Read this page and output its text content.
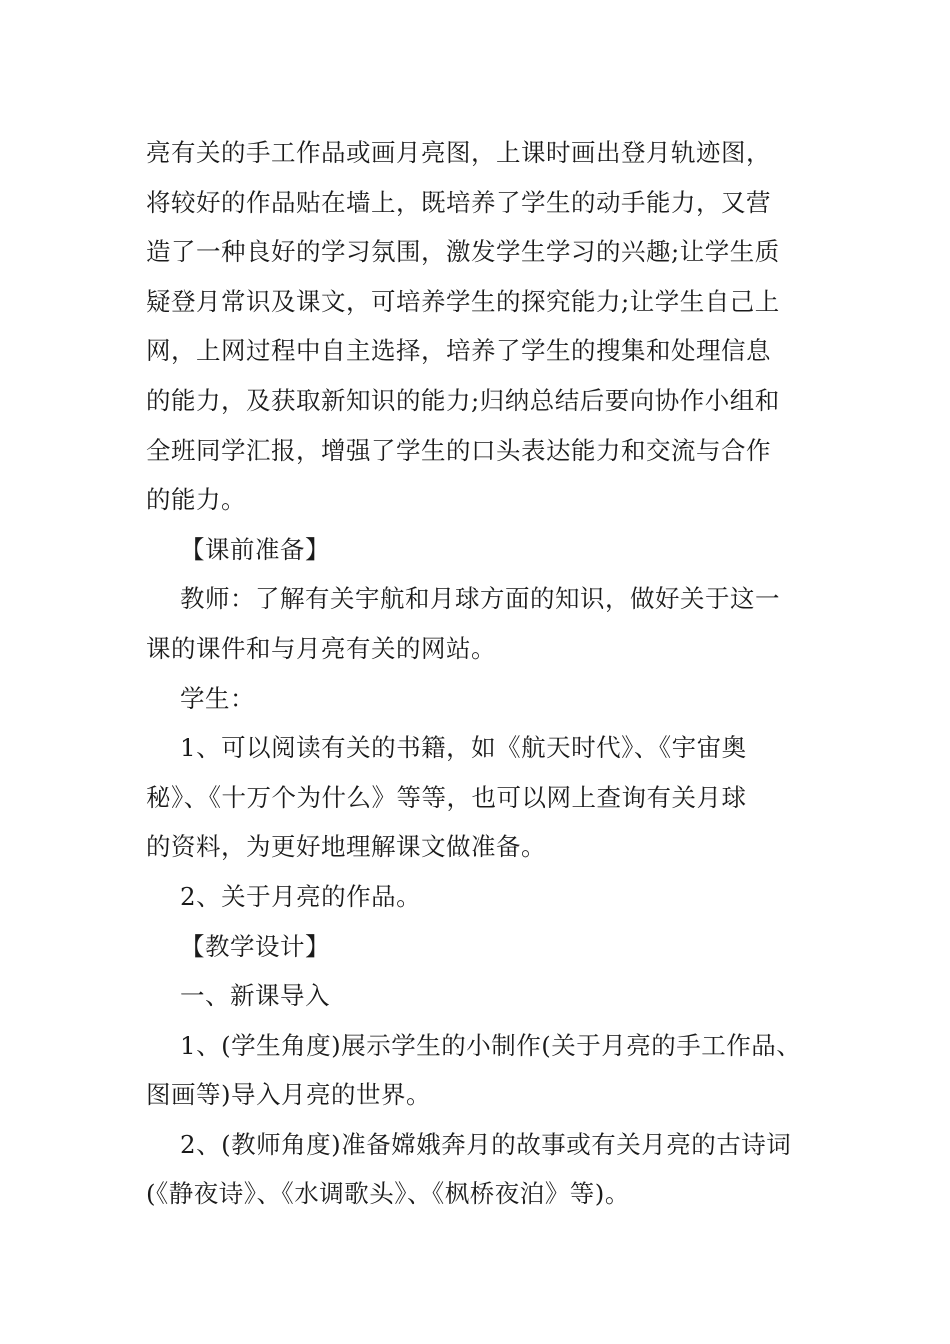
亮有关的手工作品或画月亮图，上课时画出登月轨迹图，
将较好的作品贴在墙上，既培养了学生的动手能力，又营
造了一种良好的学习氛围，激发学生学习的兴趣;让学生质
疑登月常识及课文，可培养学生的探究能力;让学生自己上
网，上网过程中自主选择，培养了学生的搜集和处理信息
的能力，及获取新知识的能力;归纳总结后要向协作小组和
全班同学汇报，增强了学生的口头表达能力和交流与合作
的能力。

【课前准备】

教师：了解有关宇航和月球方面的知识，做好关于这一
课的课件和与月亮有关的网站。

学生：

1、可以阅读有关的书籍，如《航天时代》、《宇宙奥
秘》、《十万个为什么》等等，也可以网上查询有关月球
的资料，为更好地理解课文做准备。

2、关于月亮的作品。

【教学设计】

一、新课导入

1、(学生角度)展示学生的小制作(关于月亮的手工作品、
图画等)导入月亮的世界。

2、(教师角度)准备嫦娥奔月的故事或有关月亮的古诗词
(《静夜诗》、《水调歌头》、《枫桥夜泊》等)。
